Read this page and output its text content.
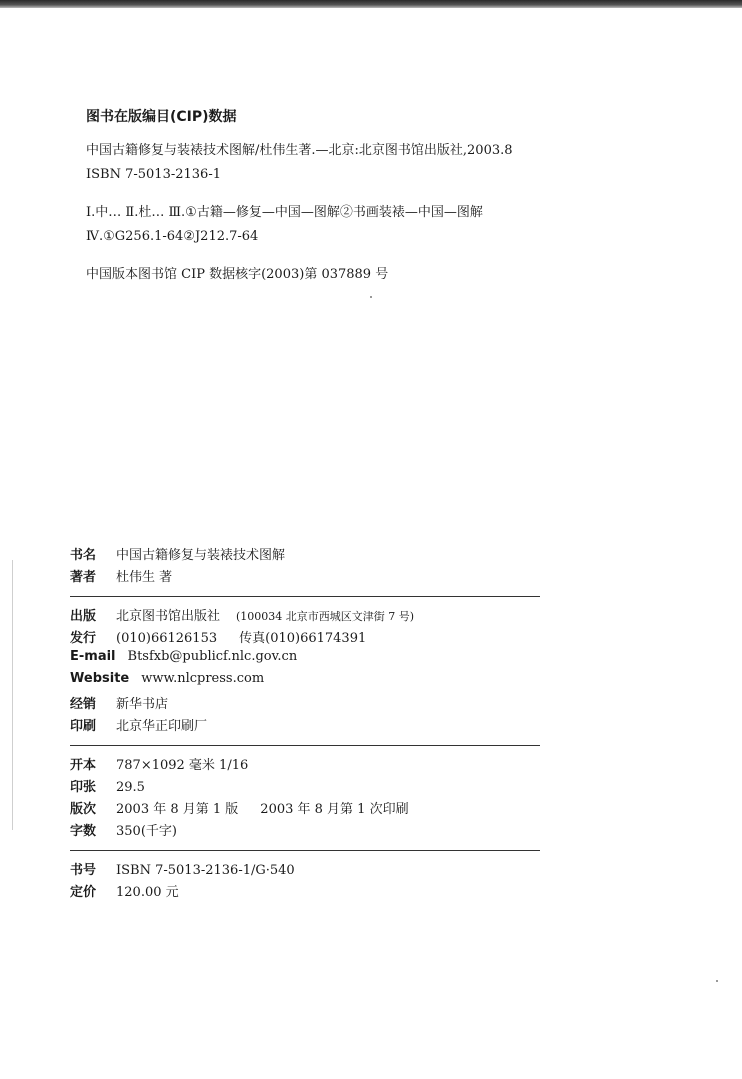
图书在版编目(CIP)数据
中国古籍修复与装裱技术图解/杜伟生著.—北京:北京图书馆出版社,2003.8
ISBN 7-5013-2136-1
Ⅰ.中… Ⅱ.杜… Ⅲ.①古籍—修复—中国—图解②书画装裱—中国—图解
Ⅳ.①G256.1-64②J212.7-64
中国版本图书馆 CIP 数据核字(2003)第 037889 号
书名	中国古籍修复与装裱技术图解
著者	杜伟生 著
出版	北京图书馆出版社 (100034 北京市西城区文津街 7 号)
发行	(010)66126153 传真(010)66174391
E-mail Btsfxb@publicf.nlc.gov.cn
Website www.nlcpress.com
经销	新华书店
印刷	北京华正印刷厂
开本	787×1092 毫米 1/16
印张	29.5
版次	2003 年 8 月第 1 版 2003 年 8 月第 1 次印刷
字数	350(千字)
书号	ISBN 7-5013-2136-1/G·540
定价	120.00 元
